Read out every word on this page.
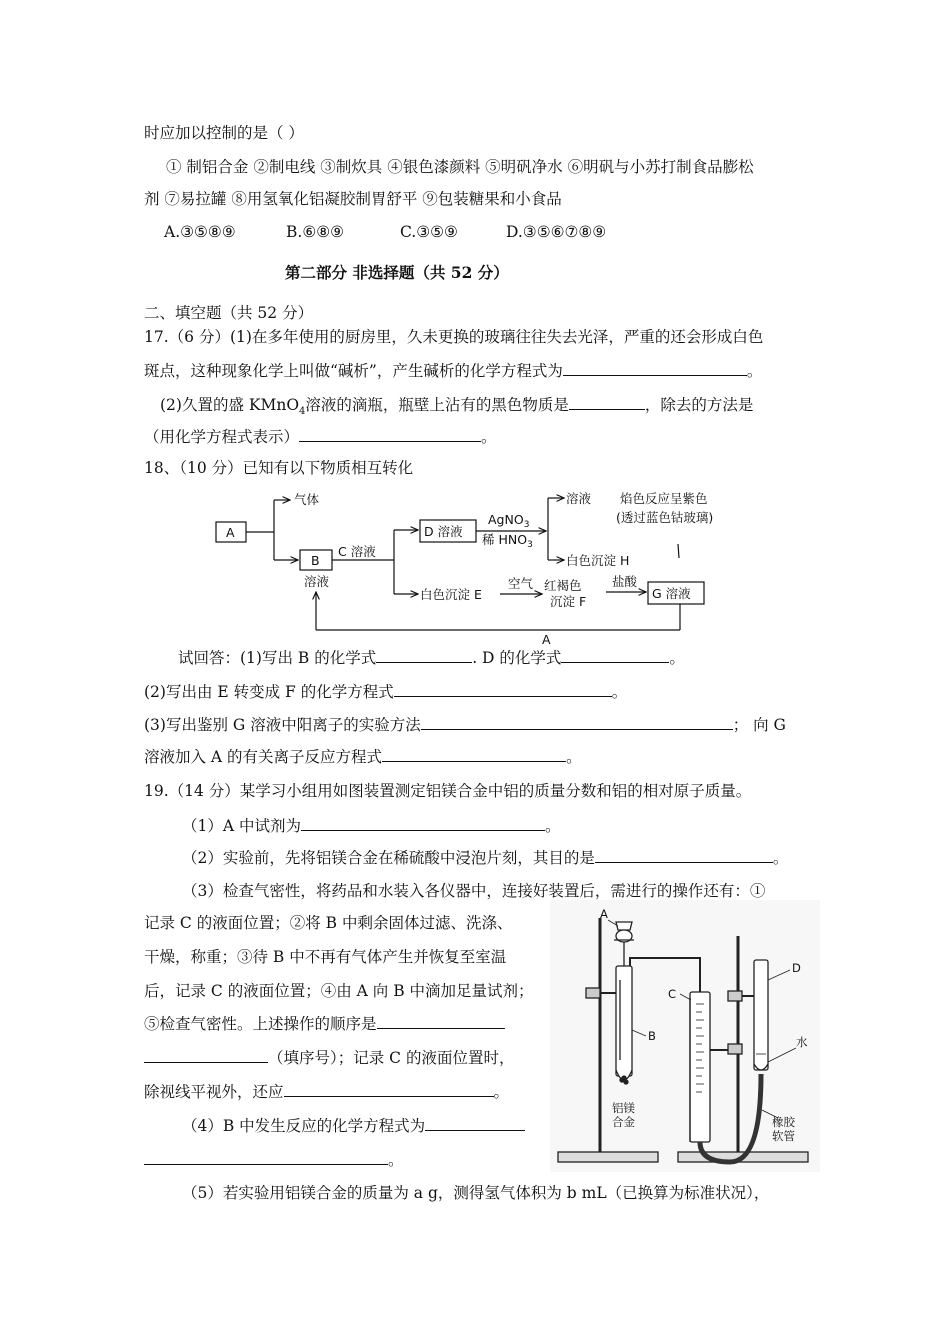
时应加以控制的是（ ）
① 制铝合金 ②制电线 ③制炊具 ④银色漆颜料 ⑤明矾净水 ⑥明矾与小苏打制食品膨松
剂 ⑦易拉罐 ⑧用氢氧化铝凝胶制胃舒平 ⑨包装糖果和小食品
A.③⑤⑧⑨	B.⑥⑧⑨	C.③⑤⑨	D.③⑤⑥⑦⑧⑨
第二部分 非选择题（共 52 分）
二、填空题（共 52 分）
17.（6 分）(1)在多年使用的厨房里，久未更换的玻璃往往失去光泽，严重的还会形成白色
斑点，这种现象化学上叫做“碱析”，产生碱析的化学方程式为	。
(2)久置的盛 KMnO$_4$溶液的滴瓶，瓶壁上沾有的黑色物质是	，除去的方法是
（用化学方程式表示）	。
18、（10 分）已知有以下物质相互转化
A
气体
B
溶液
C 溶液
D 溶液
AgNO$_3$
稀 $HNO_3$
溶液 焰色反应呈紫色
(透过蓝色钴玻璃)
白色沉淀 H
白色沉淀 E
空气 红褐色
沉淀 F
盐酸
G 溶液
A
试回答：(1)写出 B 的化学式	. D 的化学式	。
(2)写出由 E 转变成 F 的化学方程式	。
(3)写出鉴别 G 溶液中阳离子的实验方法	； 向 G
溶液加入 A 的有关离子反应方程式	。
19.（14 分）某学习小组用如图装置测定铝镁合金中铝的质量分数和铝的相对原子质量。
（1）A 中试剂为	。
（2）实验前，先将铝镁合金在稀硫酸中浸泡片刻，其目的是	。
（3）检查气密性，将药品和水装入各仪器中，连接好装置后，需进行的操作还有：①
记录 C 的液面位置；②将 B 中剩余固体过滤、洗涤、
干燥，称重；③待 B 中不再有气体产生并恢复至室温
后，记录 C 的液面位置；④由 A 向 B 中滴加足量试剂；
⑤检查气密性。上述操作的顺序是
（填序号）；记录 C 的液面位置时，
除视线平视外，还应	。
（4）B 中发生反应的化学方程式为
。
（5）若实验用铝镁合金的质量为 a g，测得氢气体积为 b mL（已换算为标准状况），
A
B
C
D
水
铝镁
合金	橡胶
软管
